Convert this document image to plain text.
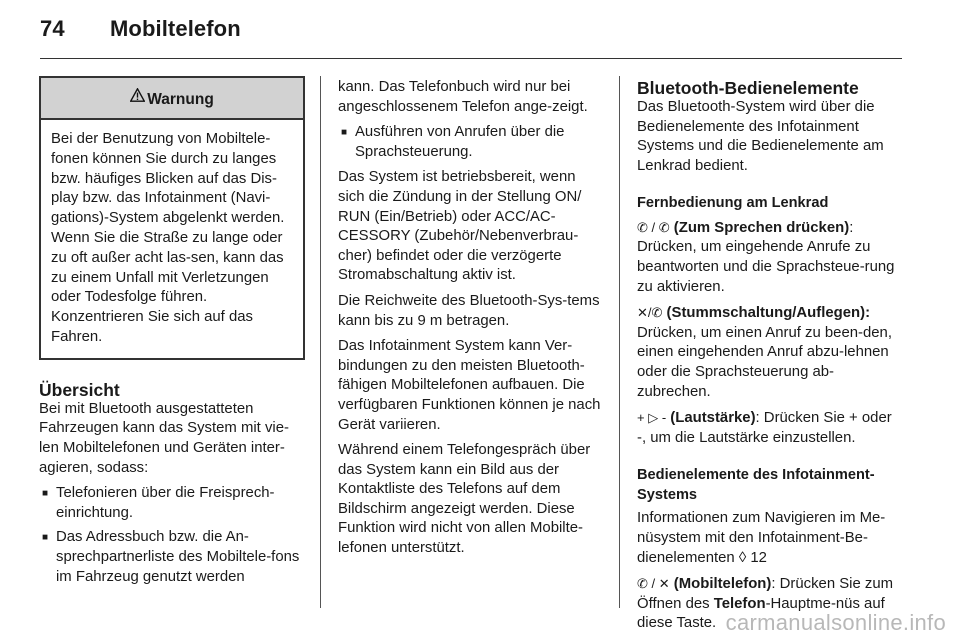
74 Mobiltelefon
Warnung
Bei der Benutzung von Mobiltele-fonen können Sie durch zu langes bzw. häufiges Blicken auf das Dis-play bzw. das Infotainment (Navi-gations)-System abgelenkt werden. Wenn Sie die Straße zu lange oder zu oft außer acht las-sen, kann das zu einem Unfall mit Verletzungen oder Todesfolge führen. Konzentrieren Sie sich auf das Fahren.
Übersicht

Bei mit Bluetooth ausgestatteten Fahrzeugen kann das System mit vie-len Mobiltelefonen und Geräten inter-agieren, sodass:

■ Telefonieren über die Freisprech-einrichtung.
■ Das Adressbuch bzw. die An-sprechpartnerliste des Mobiltele-fons im Fahrzeug genutzt werden

kann. Das Telefonbuch wird nur bei angeschlossenem Telefon ange-zeigt.

■ Ausführen von Anrufen über die Sprachsteuerung.

Das System ist betriebsbereit, wenn sich die Zündung in der Stellung ON/ RUN (Ein/Betrieb) oder ACC/AC-CESSORY (Zubehör/Nebenverbrau-cher) befindet oder die verzögerte Stromabschaltung aktiv ist.

Die Reichweite des Bluetooth-Sys-tems kann bis zu 9 m betragen.

Das Infotainment System kann Ver-bindungen zu den meisten Bluetooth-fähigen Mobiltelefonen aufbauen. Die verfügbaren Funktionen können je nach Gerät variieren.

Während einem Telefongespräch über das System kann ein Bild aus der Kontaktliste des Telefons auf dem Bildschirm angezeigt werden. Diese Funktion wird nicht von allen Mobilte-lefonen unterstützt.

Bluetooth-Bedienelemente

Das Bluetooth-System wird über die Bedienelemente des Infotainment Systems und die Bedienelemente am Lenkrad bedient.

Fernbedienung am Lenkrad

✆ / ✆ (Zum Sprechen drücken): Drücken, um eingehende Anrufe zu beantworten und die Sprachsteue-rung zu aktivieren.

✕/✆ (Stummschaltung/Auflegen): Drücken, um einen Anruf zu been-den, einen eingehenden Anruf abzu-lehnen oder die Sprachsteuerung ab-zubrechen.

+ ▷ - (Lautstärke): Drücken Sie + oder -, um die Lautstärke einzustellen.

Bedienelemente des Infotainment-Systems

Informationen zum Navigieren im Me-nüsystem mit den Infotainment-Be-dienelementen ◊ 12

✆ / ✕ (Mobiltelefon): Drücken Sie zum Öffnen des Telefon-Hauptme-nüs auf diese Taste. carmanualsonline.info
